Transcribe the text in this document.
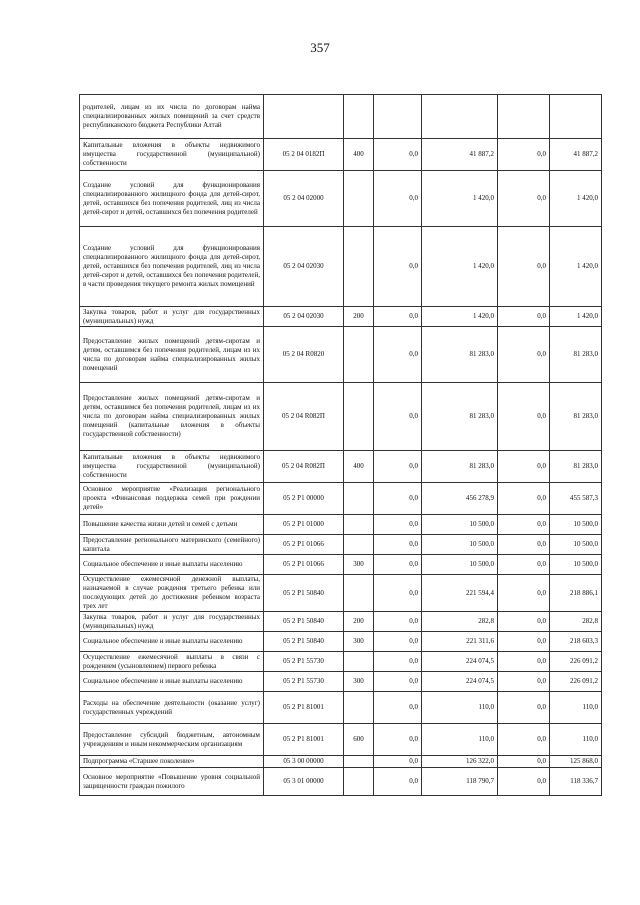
357
родителей, лицам из их числа по договорам найма специализированных жилых помещений за счет средств республиканского бюджета Республики Алтай						
Капитальные вложения в объекты недвижимого имущества государственной (муниципальной) собственности	05 2 04 0182П	400	0,0	41 887,2	0,0	41 887,2
Создание условий для функционирования специализированного жилищного фонда для детей-сирот, детей, оставшихся без попечения родителей, лиц из числа детей-сирот и детей, оставшихся без попечения родителей	05 2 04 02000		0,0	1 420,0	0,0	1 420,0
Создание условий для функционирования специализированного жилищного фонда для детей-сирот, детей, оставшихся без попечения родителей, лиц из числа детей-сирот и детей, оставшихся без попечения родителей, в части проведения текущего ремонта жилых помещений	05 2 04 02030		0,0	1 420,0	0,0	1 420,0
Закупка товаров, работ и услуг для государственных (муниципальных) нужд	05 2 04 02030	200	0,0	1 420,0	0,0	1 420,0
Предоставление жилых помещений детям-сиротам и детям, оставшимся без попечения родителей, лицам из их числа по договорам найма специализированных жилых помещений	05 2 04 R0820		0,0	81 283,0	0,0	81 283,0
Предоставление жилых помещений детям-сиротам и детям, оставшимся без попечения родителей, лицам из их числа по договорам найма специализированных жилых помещений (капитальные вложения в объекты государственной собственности)	05 2 04 R082П		0,0	81 283,0	0,0	81 283,0
Капитальные вложения в объекты недвижимого имущества государственной (муниципальной) собственности	05 2 04 R082П	400	0,0	81 283,0	0,0	81 283,0
Основное мероприятие «Реализация регионального проекта «Финансовая поддержка семей при рождении детей»	05 2 P1 00000		0,0	456 278,9	0,0	455 587,3
Повышение качества жизни детей и семей с детьми	05 2 P1 01000		0,0	10 500,0	0,0	10 500,0
Предоставление регионального материнского (семейного) капитала	05 2 P1 01066		0,0	10 500,0	0,0	10 500,0
Социальное обеспечение и иные выплаты населению	05 2 P1 01066	300	0,0	10 500,0	0,0	10 500,0
Осуществление ежемесячной денежной выплаты, назначаемой в случае рождения третьего ребенка или последующих детей до достижения ребенком возраста трех лет	05 2 P1 50840		0,0	221 594,4	0,0	218 886,1
Закупка товаров, работ и услуг для государственных (муниципальных) нужд	05 2 P1 50840	200	0,0	282,8	0,0	282,8
Социальное обеспечение и иные выплаты населению	05 2 P1 50840	300	0,0	221 311,6	0,0	218 603,3
Осуществление ежемесячной выплаты в связи с рождением (усыновлением) первого ребенка	05 2 P1 55730		0,0	224 074,5	0,0	226 091,2
Социальное обеспечение и иные выплаты населению	05 2 P1 55730	300	0,0	224 074,5	0,0	226 091,2
Расходы на обеспечение деятельности (оказание услуг) государственных учреждений	05 2 P1 81001		0,0	110,0	0,0	110,0
Предоставление субсидий бюджетным, автономным учреждениям и иным некоммерческим организациям	05 2 P1 81001	600	0,0	110,0	0,0	110,0
Подпрограмма «Старшее поколение»	05 3 00 00000		0,0	126 322,0	0,0	125 868,0
Основное мероприятие «Повышение уровня социальной защищенности граждан пожилого	05 3 01 00000		0,0	118 790,7	0,0	118 336,7
